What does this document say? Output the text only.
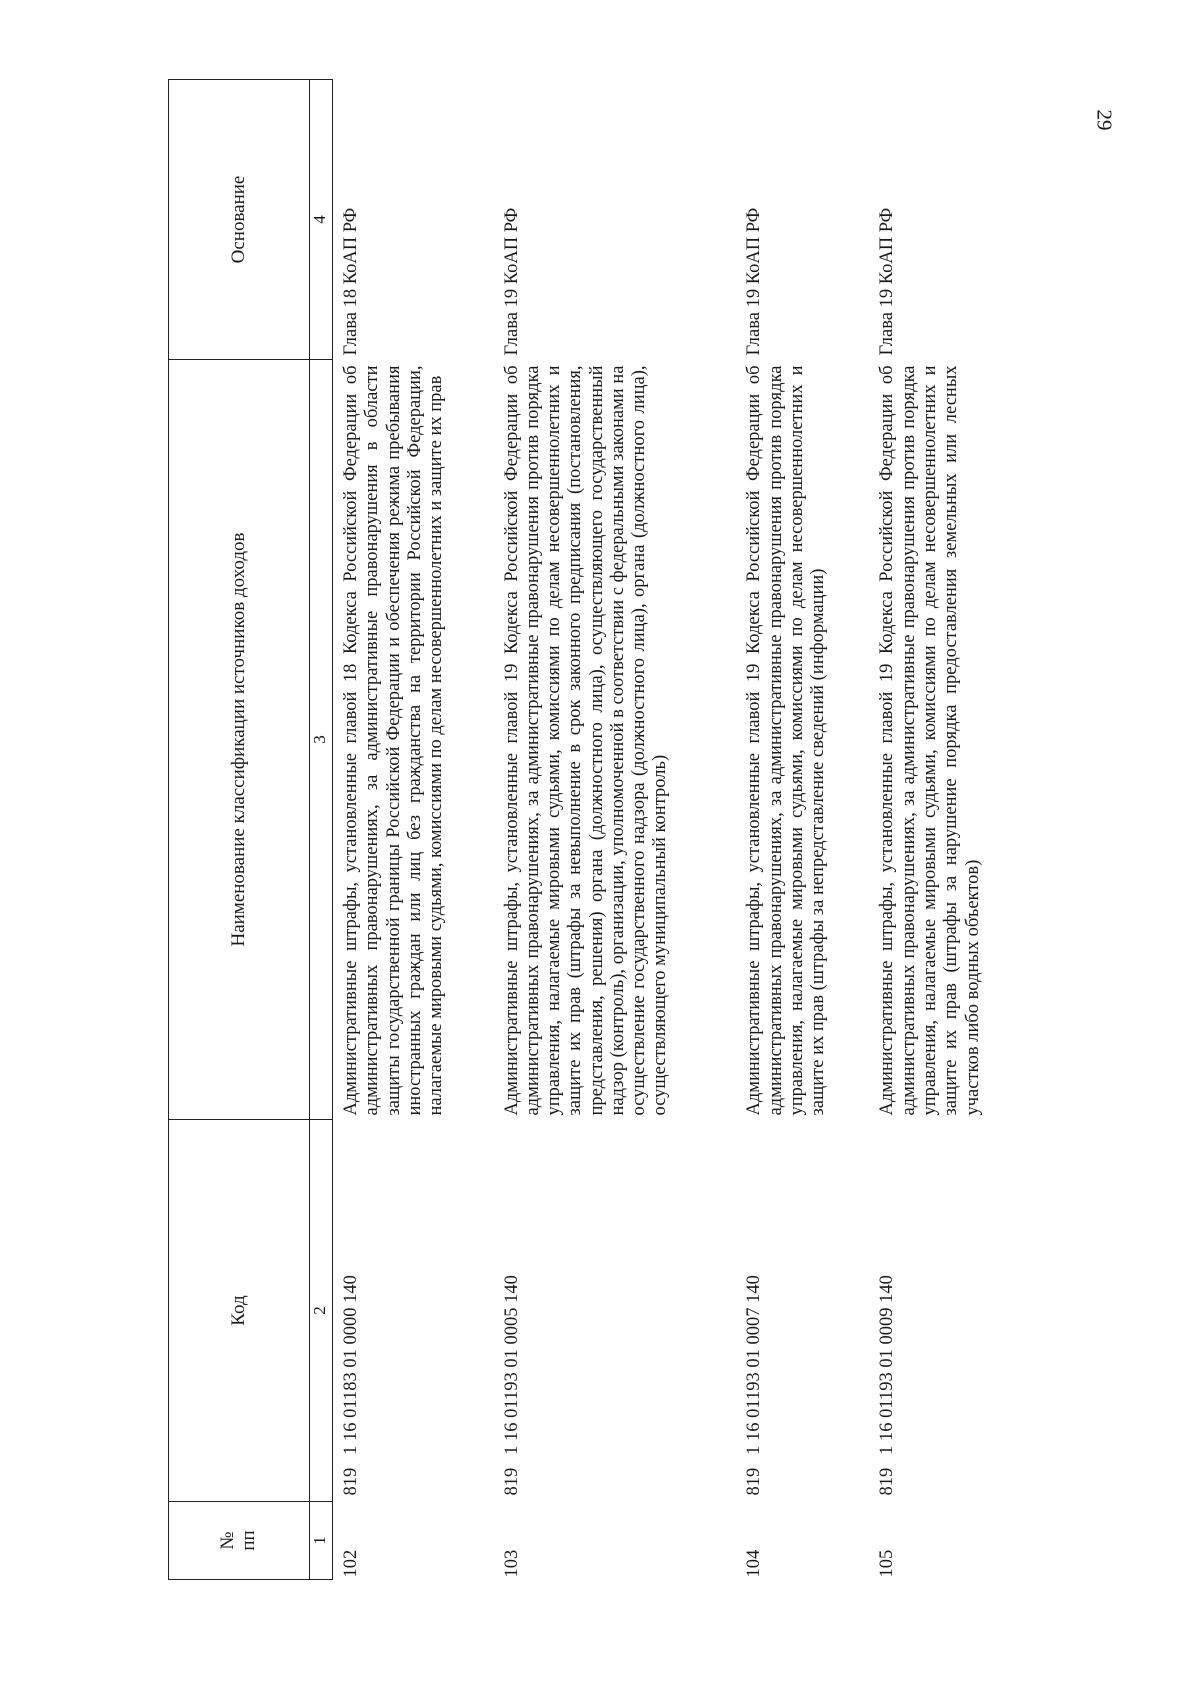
29
№ пп	Код	Наименование классификации источников доходов	Основание
1	2	3	4
102	819 1 16 01183 01 0000 140	Административные штрафы, установленные главой 18 Кодекса Российской Федерации об административных правонарушениях, за административные правонарушения в области защиты государственной границы Российской Федерации и обеспечения режима пребывания иностранных граждан или лиц без гражданства на территории Российской Федерации, налагаемые мировыми судьями, комиссиями по делам несовершеннолетних и защите их прав	Глава 18 КоАП РФ
103	819 1 16 01193 01 0005 140	Административные штрафы, установленные главой 19 Кодекса Российской Федерации об административных правонарушениях, за административные правонарушения против порядка управления, налагаемые мировыми судьями, комиссиями по делам несовершеннолетних и защите их прав (штрафы за невыполнение в срок законного предписания (постановления, представления, решения) органа (должностного лица), осуществляющего государственный надзор (контроль), организации, уполномоченной в соответствии с федеральными законами на осуществление государственного надзора (должностного лица), органа (должностного лица), осуществляющего муниципальный контроль)	Глава 19 КоАП РФ
104	819 1 16 01193 01 0007 140	Административные штрафы, установленные главой 19 Кодекса Российской Федерации об административных правонарушениях, за административные правонарушения против порядка управления, налагаемые мировыми судьями, комиссиями по делам несовершеннолетних и защите их прав (штрафы за непредставление сведений (информации)	Глава 19 КоАП РФ
105	819 1 16 01193 01 0009 140	Административные штрафы, установленные главой 19 Кодекса Российской Федерации об административных правонарушениях, за административные правонарушения против порядка управления, налагаемые мировыми судьями, комиссиями по делам несовершеннолетних и защите их прав (штрафы за нарушение порядка предоставления земельных или лесных участков либо водных объектов)	Глава 19 КоАП РФ
